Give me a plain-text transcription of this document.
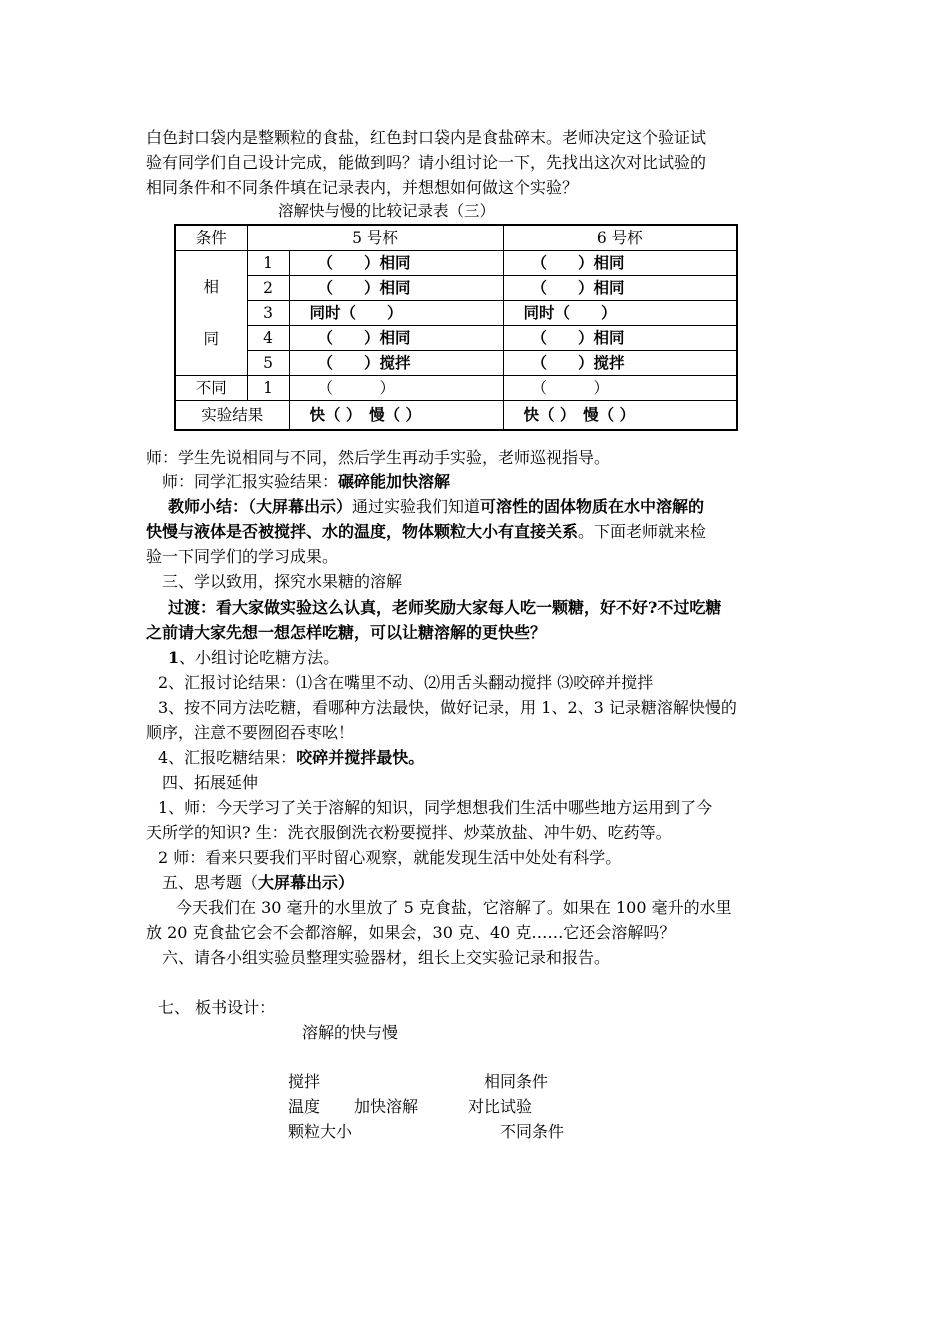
白色封口袋内是整颗粒的食盐，红色封口袋内是食盐碎末。老师决定这个验证试
验有同学们自己设计完成，能做到吗？请小组讨论一下，先找出这次对比试验的
相同条件和不同条件填在记录表内，并想想如何做这个实验？
溶解快与慢的比较记录表（三）
条件	5 号杯		6 号杯
相

同	1	（　　）相同	（　　）相同
	2	（　　）相同	（　　）相同
	3	同时（　　）	同时（　　）
	4	（　　）相同	（　　）相同
	5	（　　）搅拌	（　　）搅拌
不同	1	（　　　）	（　　　）
实验结果		快（ ）　慢（ ）	快（ ）　慢（ ）
师：学生先说相同与不同，然后学生再动手实验，老师巡视指导。
师：同学汇报实验结果：碾碎能加快溶解
教师小结：（大屏幕出示）通过实验我们知道可溶性的固体物质在水中溶解的
快慢与液体是否被搅拌、水的温度，物体颗粒大小有直接关系。下面老师就来检
验一下同学们的学习成果。
三、学以致用，探究水果糖的溶解
过渡：看大家做实验这么认真，老师奖励大家每人吃一颗糖，好不好?不过吃糖
之前请大家先想一想怎样吃糖，可以让糖溶解的更快些？
1、小组讨论吃糖方法。
2、汇报讨论结果：⑴含在嘴里不动、⑵用舌头翻动搅拌 ⑶咬碎并搅拌
3、按不同方法吃糖，看哪种方法最快，做好记录，用 1、2、3 记录糖溶解快慢的
顺序，注意不要囫囵吞枣吆！
4、汇报吃糖结果：咬碎并搅拌最快。
四、拓展延伸
1、师：今天学习了关于溶解的知识，同学想想我们生活中哪些地方运用到了今
天所学的知识? 生：洗衣服倒洗衣粉要搅拌、炒菜放盐、冲牛奶、吃药等。
2 师：看来只要我们平时留心观察，就能发现生活中处处有科学。
五、思考题（大屏幕出示）
今天我们在 30 毫升的水里放了 5 克食盐，它溶解了。如果在 100 毫升的水里
放 20 克食盐它会不会都溶解，如果会，30 克、40 克……它还会溶解吗？
六、请各小组实验员整理实验器材，组长上交实验记录和报告。
七、 板书设计：
溶解的快与慢
搅拌
温度
颗粒大小
加快溶解
相同条件
对比试验
不同条件
